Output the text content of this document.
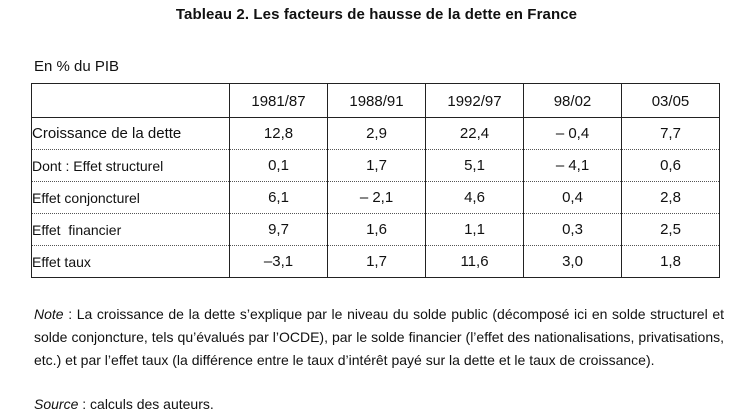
Tableau 2. Les facteurs de hausse de la dette en France
En % du PIB
	1981/87	1988/91	1992/97	98/02	03/05
Croissance de la dette	12,8	2,9	22,4	– 0,4	7,7
Dont : Effet structurel	0,1	1,7	5,1	– 4,1	0,6
Effet conjoncturel	6,1	– 2,1	4,6	0,4	2,8
Effet  financier	9,7	1,6	1,1	0,3	2,5
Effet taux	–3,1	1,7	11,6	3,0	1,8
Note : La croissance de la dette s’explique par le niveau du solde public (décomposé ici en solde structurel et solde conjoncture, tels qu’évalués par l’OCDE), par le solde financier (l’effet des nationalisations, privatisations, etc.) et par l’effet taux (la différence entre le taux d’intérêt payé sur la dette et le taux de croissance).
Source : calculs des auteurs.
